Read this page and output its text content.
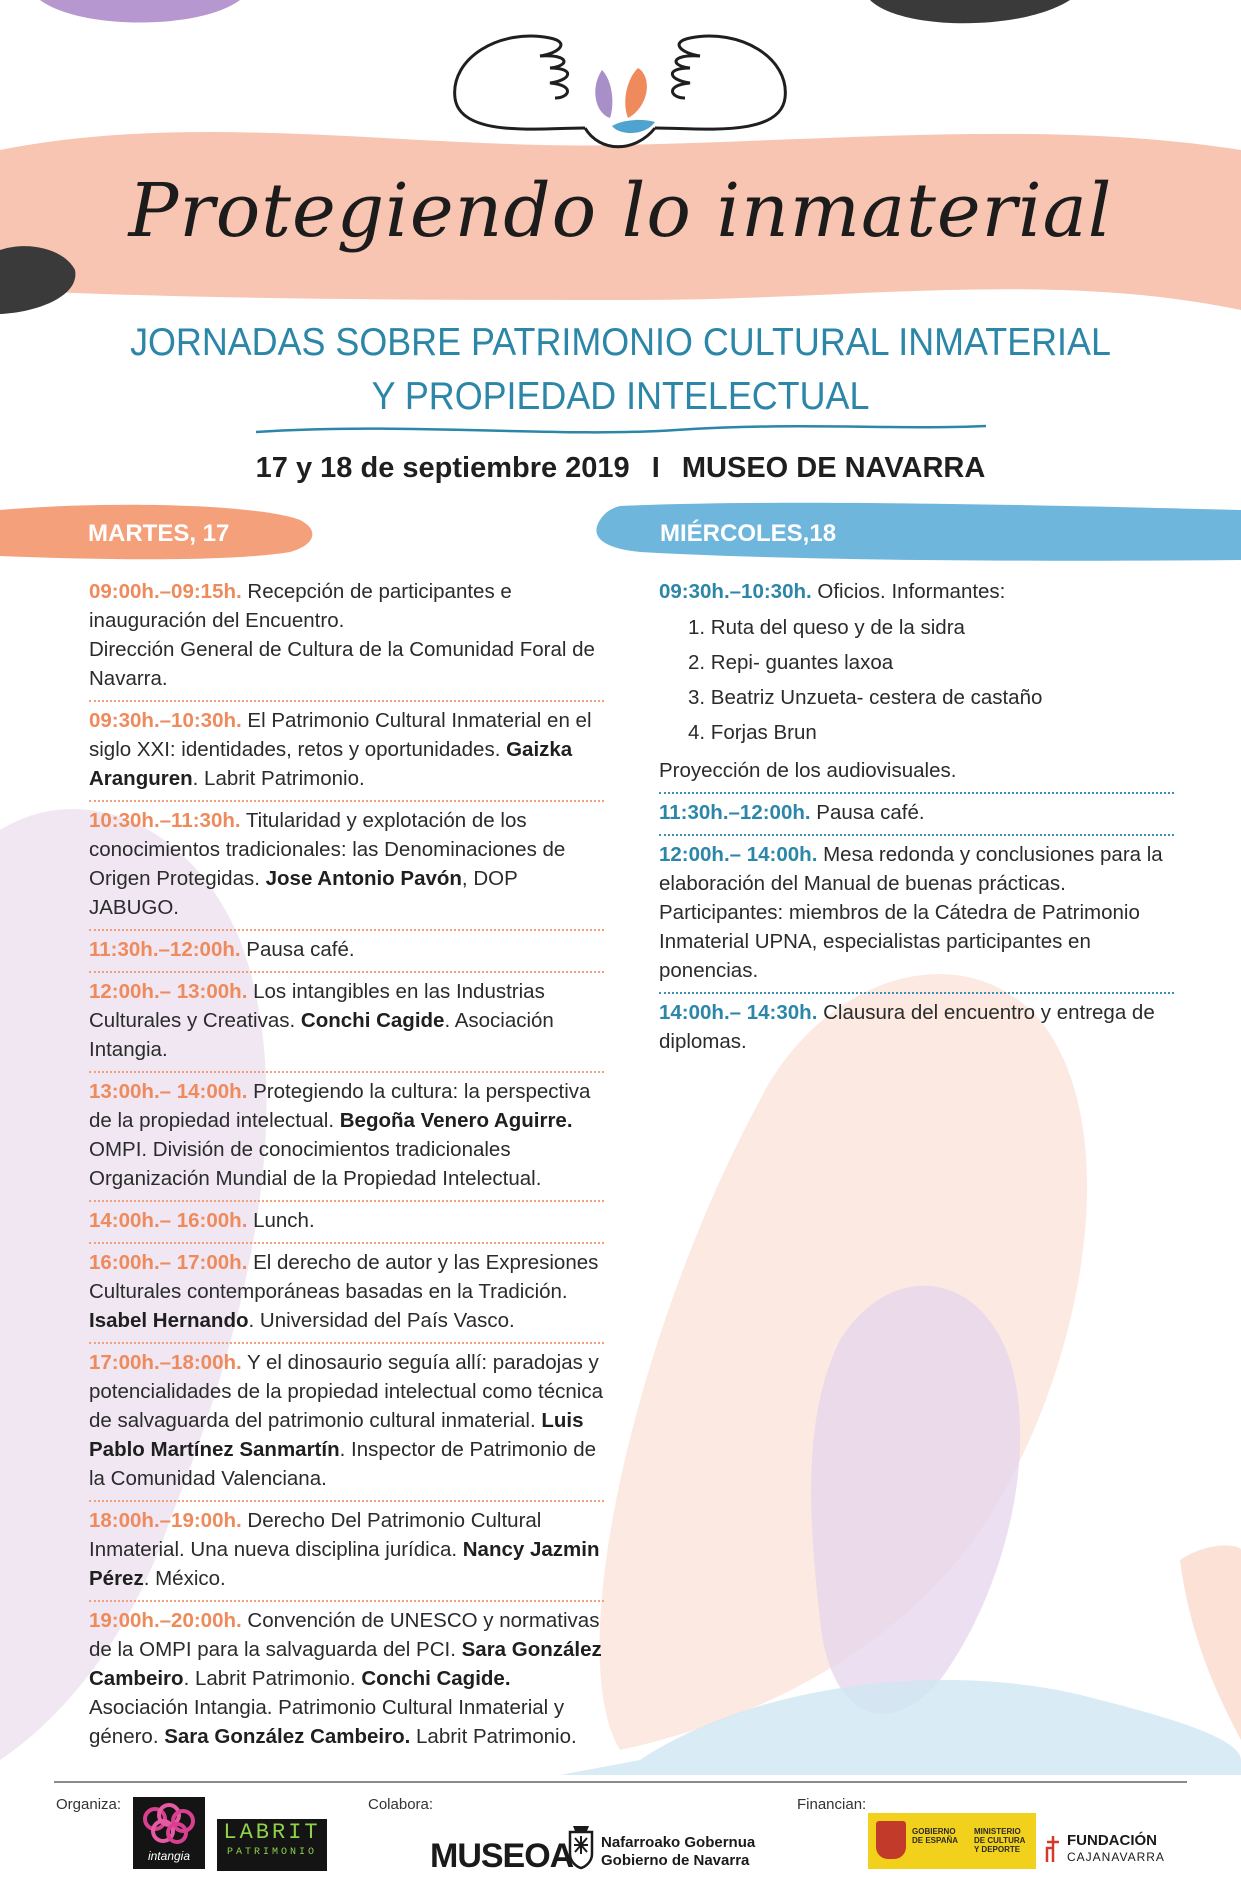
Protegiendo lo inmaterial
JORNADAS SOBRE PATRIMONIO CULTURAL INMATERIAL
Y PROPIEDAD INTELECTUAL
17 y 18 de septiembre 2019 I MUSEO DE NAVARRA
MARTES, 17	MIÉRCOLES,18
09:00h.–09:15h. Recepción de participantes e inauguración del Encuentro.
Dirección General de Cultura de la Comunidad Foral de Navarra.
09:30h.–10:30h. El Patrimonio Cultural Inmaterial en el siglo XXI: identidades, retos y oportunidades. Gaizka Aranguren. Labrit Patrimonio.
10:30h.–11:30h. Titularidad y explotación de los conocimientos tradicionales: las Denominaciones de Origen Protegidas. Jose Antonio Pavón, DOP JABUGO.
11:30h.–12:00h. Pausa café.
12:00h.– 13:00h. Los intangibles en las Industrias Culturales y Creativas. Conchi Cagide. Asociación Intangia.
13:00h.– 14:00h. Protegiendo la cultura: la perspectiva de la propiedad intelectual. Begoña Venero Aguirre. OMPI. División de conocimientos tradicionales Organización Mundial de la Propiedad Intelectual.
14:00h.– 16:00h. Lunch.
16:00h.– 17:00h. El derecho de autor y las Expresiones Culturales contemporáneas basadas en la Tradición. Isabel Hernando. Universidad del País Vasco.
17:00h.–18:00h. Y el dinosaurio seguía allí: paradojas y potencialidades de la propiedad intelectual como técnica de salvaguarda del patrimonio cultural inmaterial. Luis Pablo Martínez Sanmartín. Inspector de Patrimonio de la Comunidad Valenciana.
18:00h.–19:00h. Derecho Del Patrimonio Cultural Inmaterial. Una nueva disciplina jurídica. Nancy Jazmin Pérez. México.
19:00h.–20:00h. Convención de UNESCO y normativas de la OMPI para la salvaguarda del PCI. Sara González Cambeiro. Labrit Patrimonio. Conchi Cagide. Asociación Intangia. Patrimonio Cultural Inmaterial y género. Sara González Cambeiro. Labrit Patrimonio.
09:30h.–10:30h. Oficios. Informantes:
1. Ruta del queso y de la sidra
2. Repi- guantes laxoa
3. Beatriz Unzueta- cestera de castaño
4. Forjas Brun
Proyección de los audiovisuales.
11:30h.–12:00h. Pausa café.
12:00h.– 14:00h. Mesa redonda y conclusiones para la elaboración del Manual de buenas prácticas. Participantes: miembros de la Cátedra de Patrimonio Inmaterial UPNA, especialistas participantes en ponencias.
14:00h.– 14:30h. Clausura del encuentro y entrega de diplomas.
Organiza:	Colabora:	Financian:
intangia
LABRIT
PATRIMONIO	MUSEOA Nafarroako Gobernua
Gobierno de Navarra
GOBIERNO DE ESPAÑA
MINISTERIO DE CULTURA Y DEPORTE
FUNDACIÓN
CAJANAVARRA
